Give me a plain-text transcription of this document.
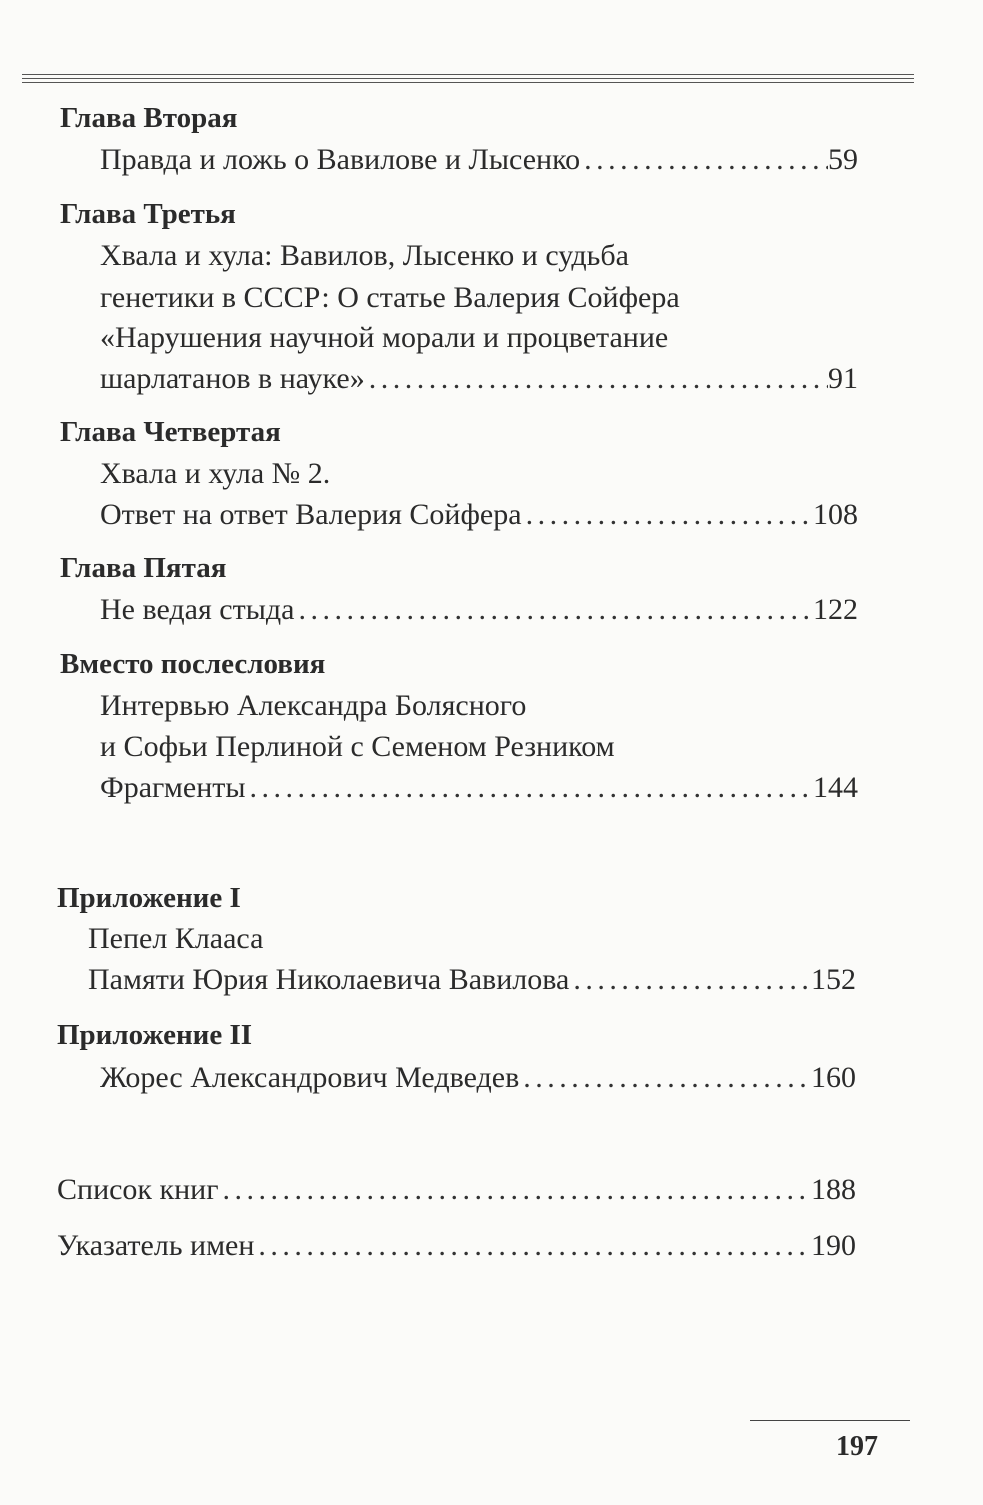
Глава Вторая
Правда и ложь о Вавилове и Лысенко . . .	59
Глава Третья
Хвала и хула: Вавилов, Лысенко и судьба
генетики в СССР: О статье Валерия Сойфера
«Нарушения научной морали и процветание
шарлатанов в науке» . . .	91
Глава Четвертая
Хвала и хула № 2.
Ответ на ответ Валерия Сойфера . . .	108
Глава Пятая
Не ведая стыда . . .	122
Вместо послесловия
Интервью Александра Болясного
и Софьи Перлиной с Семеном Резником
Фрагменты . . .	144
Приложение I
Пепел Клааса
Памяти Юрия Николаевича Вавилова . . .	152
Приложение II
Жорес Александрович Медведев . . .	160
Список книг . . .	188
Указатель имен . . .	190
197
